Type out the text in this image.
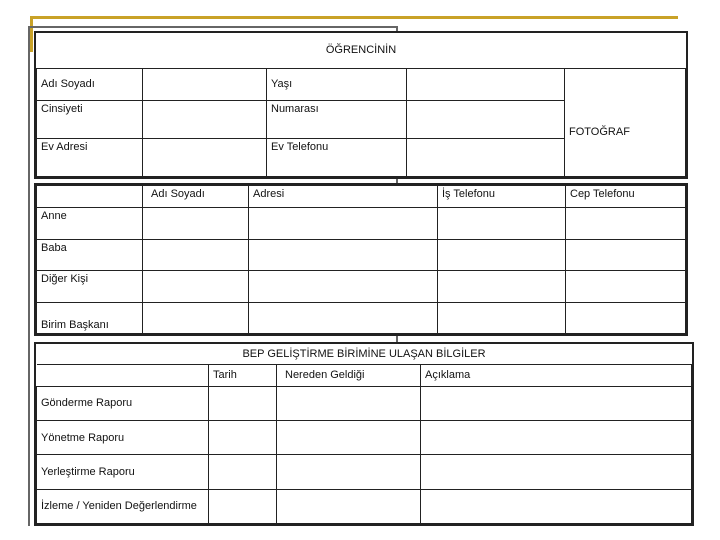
ÖĞRENCİNİN				
Adı Soyadı		Yaşı		FOTOĞRAF

Cinsiyeti		Numarası		
Ev Adresi		Ev Telefonu		
	Adı Soyadı	Adresi	İş Telefonu	Cep Telefonu
Anne				
Baba				
Diğer Kişi				
Birim Başkanı				
BEP GELİŞTİRME BİRİMİNE ULAŞAN BİLGİLER			
	Tarih	Nereden Geldiği	Açıklama
Gönderme Raporu			
Yönetme Raporu			
Yerleştirme Raporu			
İzleme / Yeniden Değerlendirme			
